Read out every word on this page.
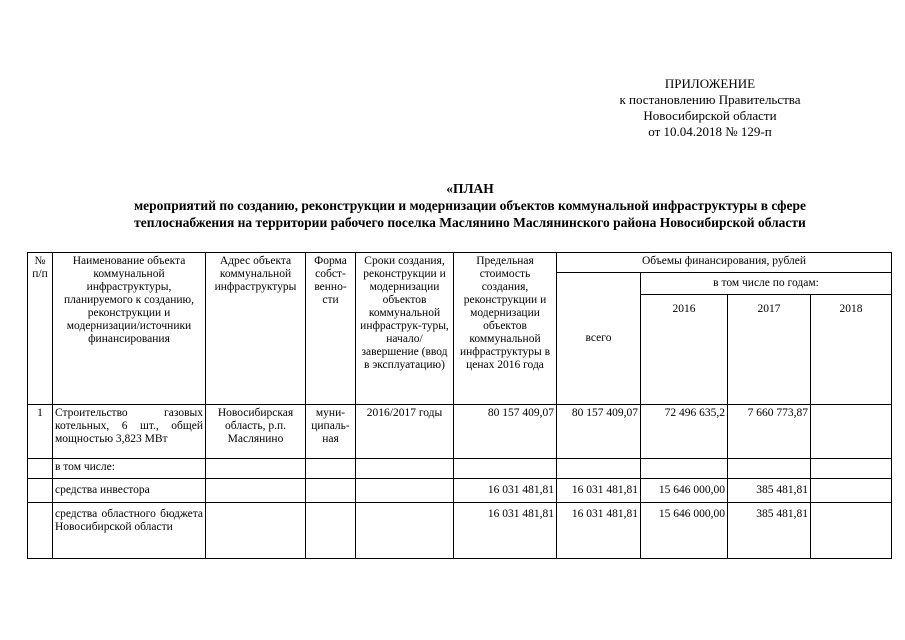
ПРИЛОЖЕНИЕ
к постановлению Правительства
Новосибирской области
от 10.04.2018 № 129-п
«ПЛАН
мероприятий по созданию, реконструкции и модернизации объектов коммунальной инфраструктуры в сфере
теплоснабжения на территории рабочего поселка Маслянино Маслянинского района Новосибирской области
№ п/п	Наименование объекта коммунальной инфраструктуры, планируемого к созданию, реконструкции и модернизации/источники финансирования	Адрес объекта коммунальной инфраструктуры	Форма собст-венно-сти	Сроки создания, реконструкции и модернизации объектов коммунальной инфраструк-туры, начало/ завершение (ввод в эксплуатацию)	Предельная стоимость создания, реконструкции и модернизации объектов коммунальной инфраструктуры в ценах 2016 года	Объемы финансирования, рублей			
						всего	в том числе по годам:		
							2016	2017	2018
1	Строительство газовых котельных, 6 шт., общей мощностью 3,823 МВт	Новосибирская область, р.п. Маслянино	муни-ципаль-ная	2016/2017 годы	80 157 409,07	80 157 409,07	72 496 635,2	7 660 773,87	
	в том числе:								
	средства инвестора				16 031 481,81	16 031 481,81	15 646 000,00	385 481,81	
	средства областного бюджета Новосибирской области				16 031 481,81	16 031 481,81	15 646 000,00	385 481,81	
